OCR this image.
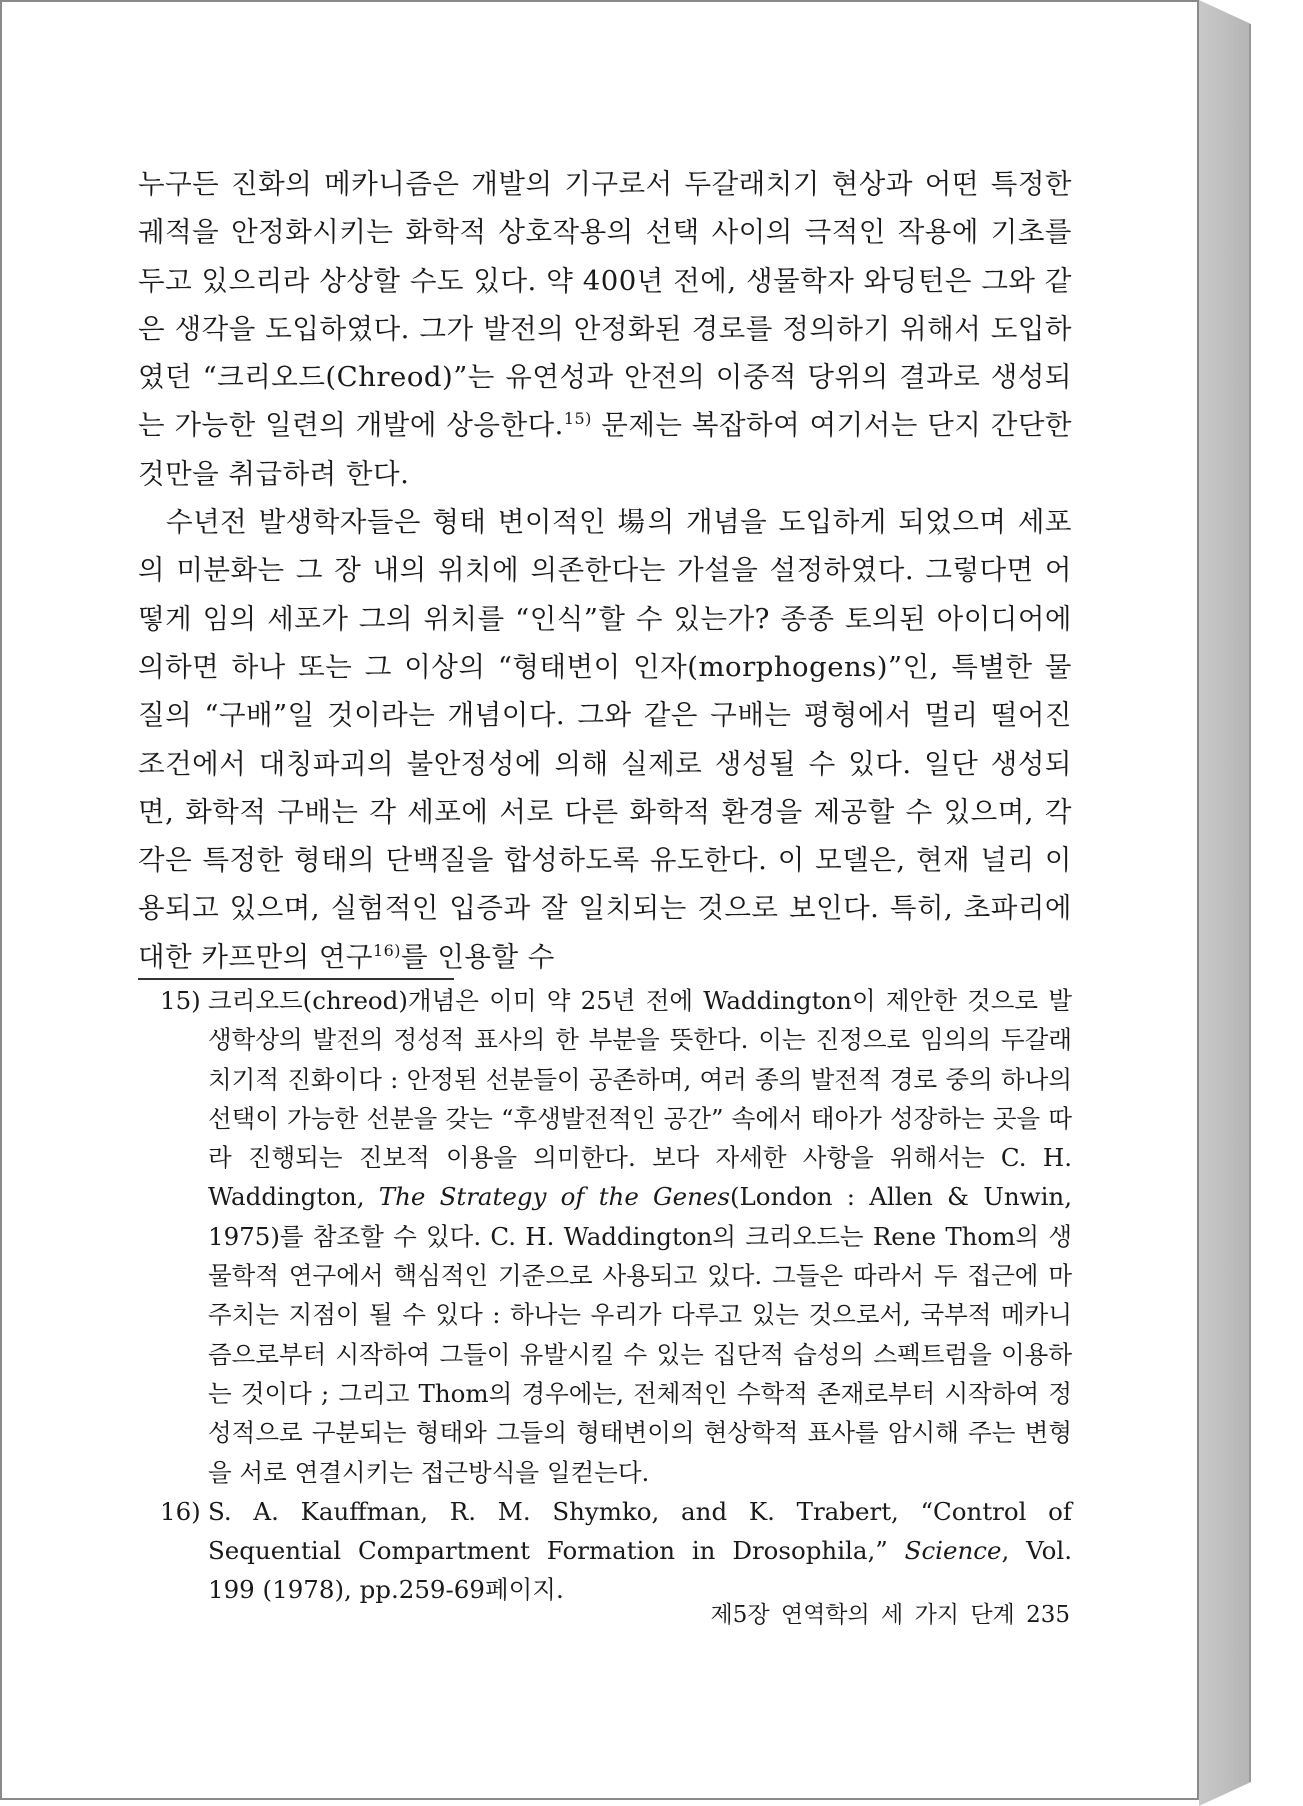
누구든 진화의 메카니즘은 개발의 기구로서 두갈래치기 현상과 어떤 특정한 궤적을 안정화시키는 화학적 상호작용의 선택 사이의 극적인 작용에 기초를 두고 있으리라 상상할 수도 있다. 약 400년 전에, 생물학자 와딩턴은 그와 같은 생각을 도입하였다. 그가 발전의 안정화된 경로를 정의하기 위해서 도입하였던 “크리오드(Chreod)”는 유연성과 안전의 이중적 당위의 결과로 생성되는 가능한 일련의 개발에 상응한다.$^{15)}$ 문제는 복잡하여 여기서는 단지 간단한 것만을 취급하려 한다.

수년전 발생학자들은 형태 변이적인 場의 개념을 도입하게 되었으며 세포의 미분화는 그 장 내의 위치에 의존한다는 가설을 설정하였다. 그렇다면 어떻게 임의 세포가 그의 위치를 “인식”할 수 있는가? 종종 토의된 아이디어에 의하면 하나 또는 그 이상의 “형태변이 인자(morphogens)”인, 특별한 물질의 “구배”일 것이라는 개념이다. 그와 같은 구배는 평형에서 멀리 떨어진 조건에서 대칭파괴의 불안정성에 의해 실제로 생성될 수 있다. 일단 생성되면, 화학적 구배는 각 세포에 서로 다른 화학적 환경을 제공할 수 있으며, 각각은 특정한 형태의 단백질을 합성하도록 유도한다. 이 모델은, 현재 널리 이용되고 있으며, 실험적인 입증과 잘 일치되는 것으로 보인다. 특히, 초파리에 대한 카프만의 연구$^{16)}$를 인용할 수

15) 크리오드(chreod)개념은 이미 약 25년 전에 Waddington이 제안한 것으로 발생학상의 발전의 정성적 표사의 한 부분을 뜻한다. 이는 진정으로 임의의 두갈래치기적 진화이다 : 안정된 선분들이 공존하며, 여러 종의 발전적 경로 중의 하나의 선택이 가능한 선분을 갖는 “후생발전적인 공간” 속에서 태아가 성장하는 곳을 따라 진행되는 진보적 이용을 의미한다. 보다 자세한 사항을 위해서는 C. H. Waddington, The Strategy of the Genes(London : Allen & Unwin, 1975)를 참조할 수 있다. C. H. Waddington의 크리오드는 Rene Thom의 생물학적 연구에서 핵심적인 기준으로 사용되고 있다. 그들은 따라서 두 접근에 마주치는 지점이 될 수 있다 : 하나는 우리가 다루고 있는 것으로서, 국부적 메카니즘으로부터 시작하여 그들이 유발시킬 수 있는 집단적 습성의 스펙트럼을 이용하는 것이다 ; 그리고 Thom의 경우에는, 전체적인 수학적 존재로부터 시작하여 정성적으로 구분되는 형태와 그들의 형태변이의 현상학적 표사를 암시해 주는 변형을 서로 연결시키는 접근방식을 일컫는다.
16) S. A. Kauffman, R. M. Shymko, and K. Trabert, “Control of Sequential Compartment Formation in Drosophila,” Science, Vol. 199 (1978), pp.259-69페이지.
제5장 연역학의 세 가지 단계 235
